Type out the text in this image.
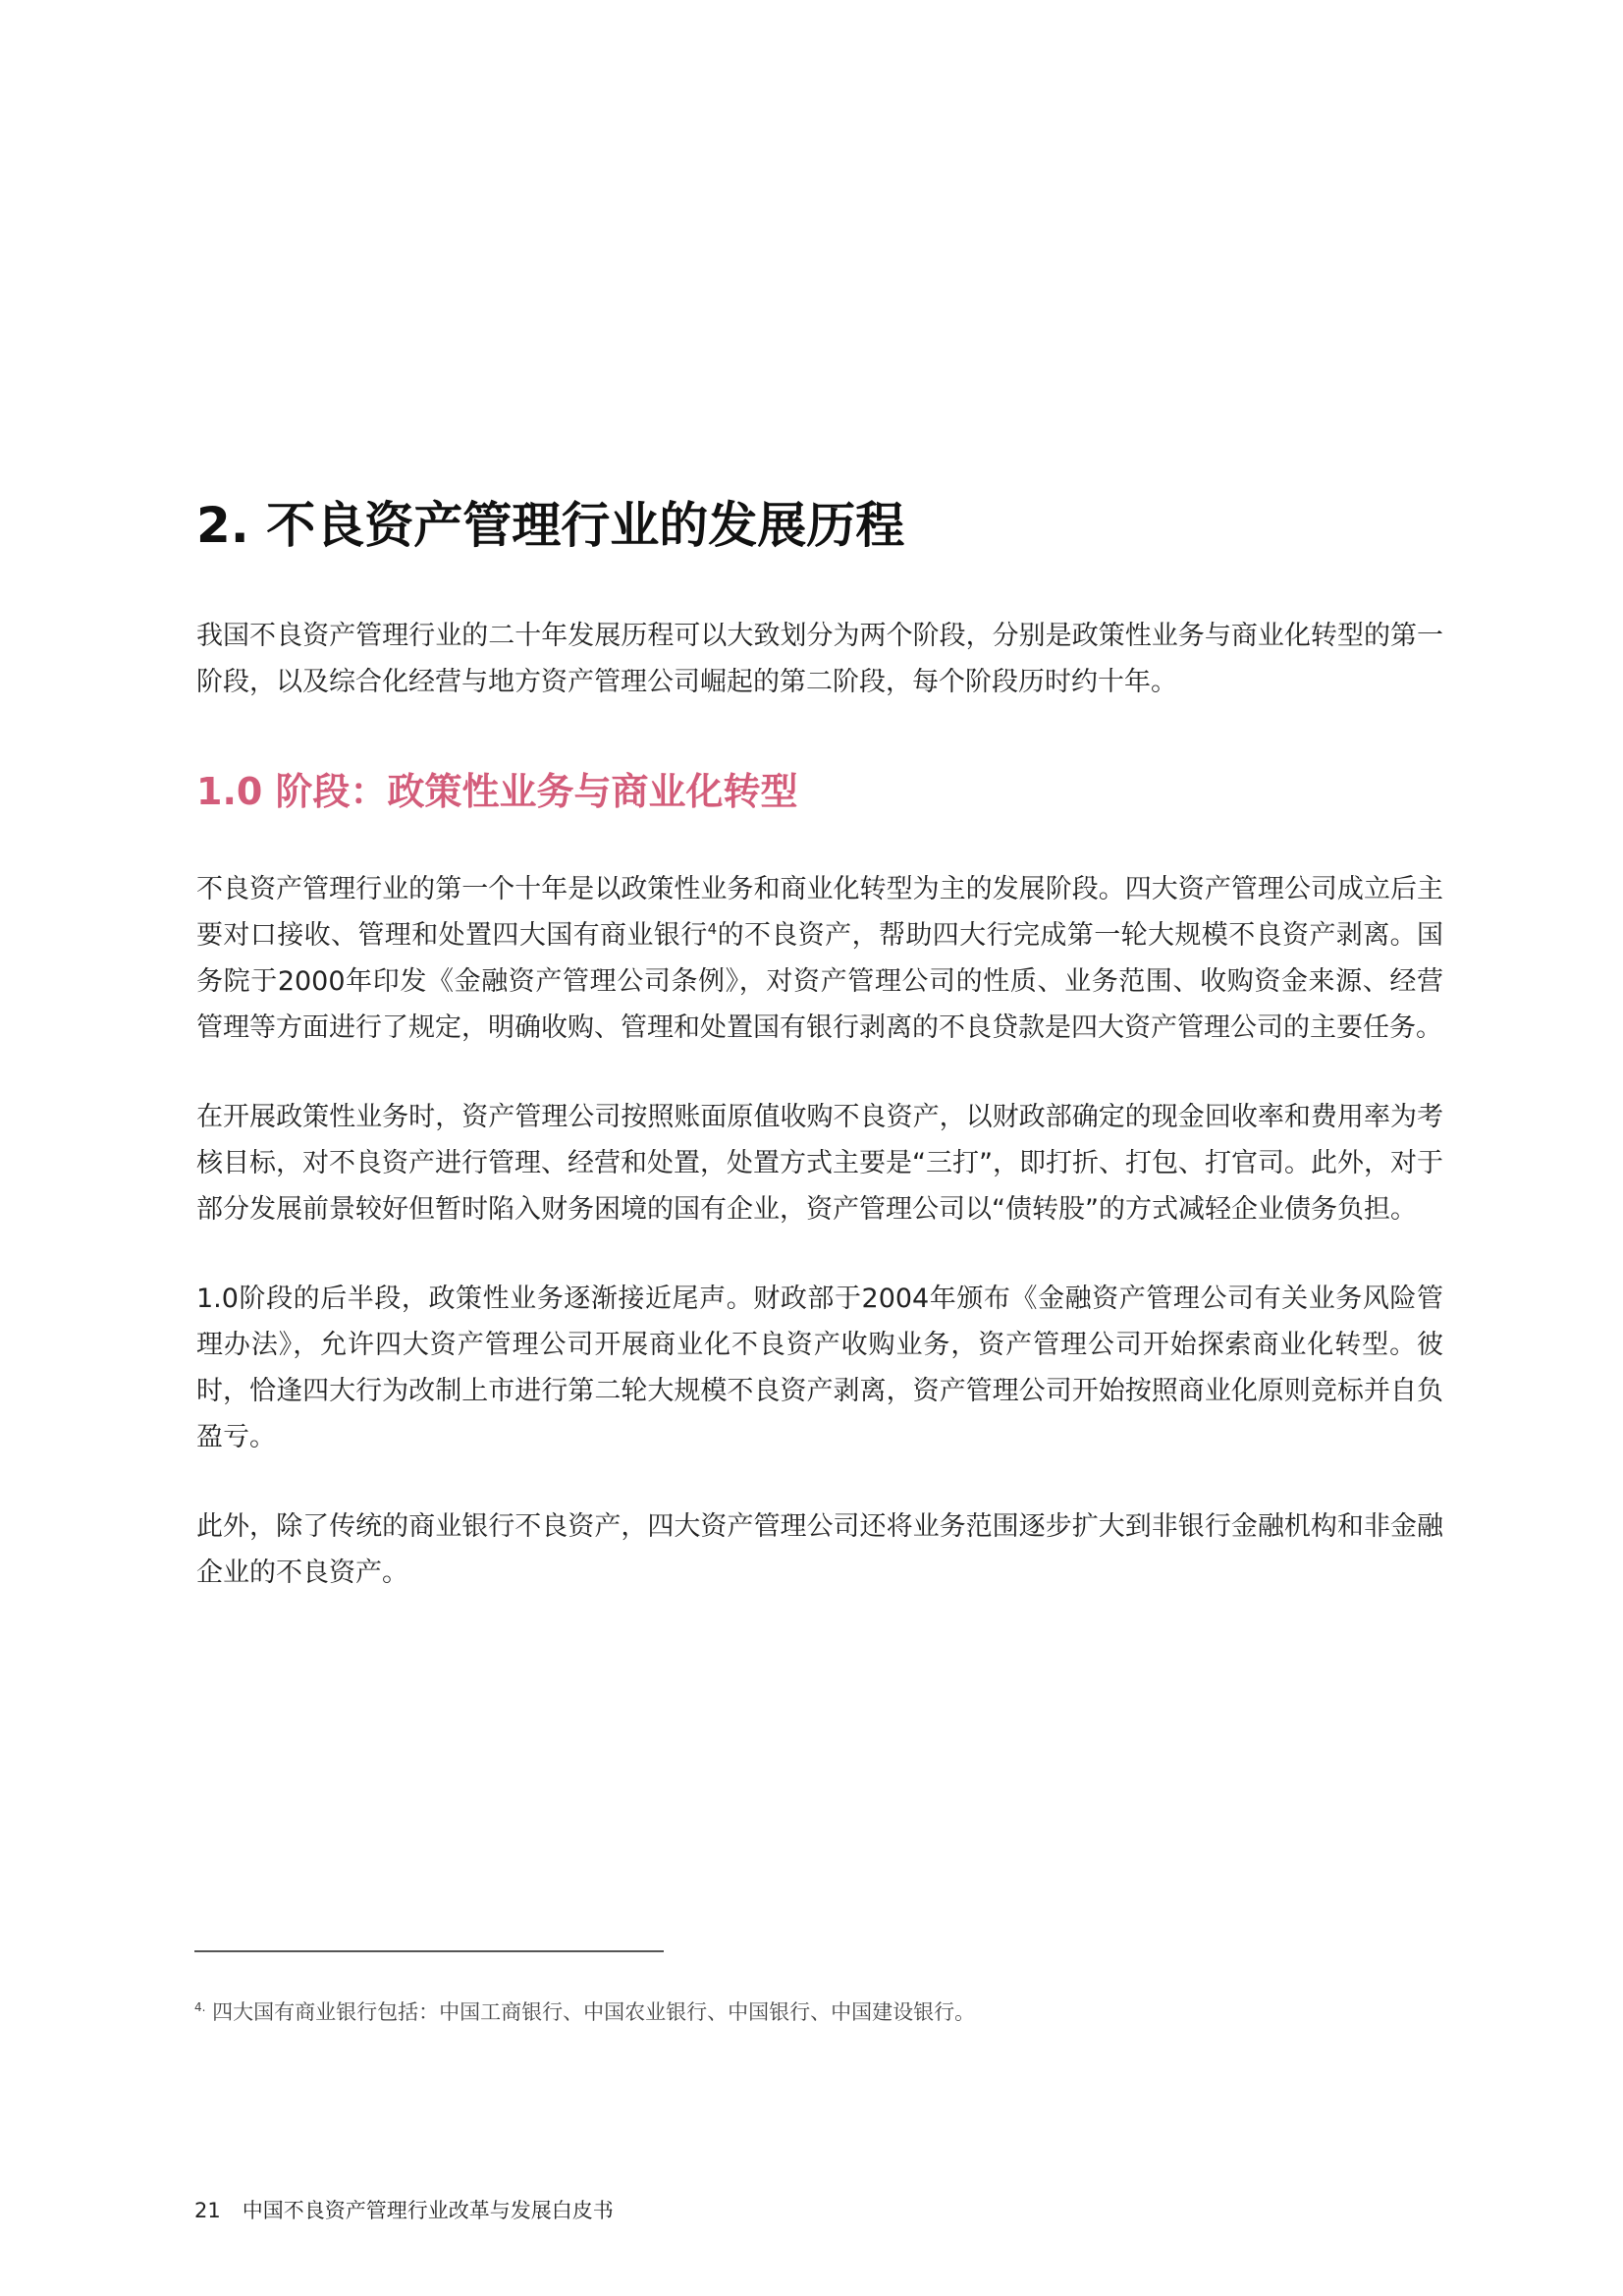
2. 不良资产管理行业的发展历程

我国不良资产管理行业的二十年发展历程可以大致划分为两个阶段，分别是政策性业务与商业化转型的第一阶段，以及综合化经营与地方资产管理公司崛起的第二阶段，每个阶段历时约十年。

1.0 阶段：政策性业务与商业化转型

不良资产管理行业的第一个十年是以政策性业务和商业化转型为主的发展阶段。四大资产管理公司成立后主要对口接收、管理和处置四大国有商业银行$^4$的不良资产，帮助四大行完成第一轮大规模不良资产剥离。国务院于2000年印发《金融资产管理公司条例》，对资产管理公司的性质、业务范围、收购资金来源、经营管理等方面进行了规定，明确收购、管理和处置国有银行剥离的不良贷款是四大资产管理公司的主要任务。

在开展政策性业务时，资产管理公司按照账面原值收购不良资产，以财政部确定的现金回收率和费用率为考核目标，对不良资产进行管理、经营和处置，处置方式主要是“三打”，即打折、打包、打官司。此外，对于部分发展前景较好但暂时陷入财务困境的国有企业，资产管理公司以“债转股”的方式减轻企业债务负担。

1.0阶段的后半段，政策性业务逐渐接近尾声。财政部于2004年颁布《金融资产管理公司有关业务风险管理办法》，允许四大资产管理公司开展商业化不良资产收购业务，资产管理公司开始探索商业化转型。彼时，恰逢四大行为改制上市进行第二轮大规模不良资产剥离，资产管理公司开始按照商业化原则竞标并自负盈亏。

此外，除了传统的商业银行不良资产，四大资产管理公司还将业务范围逐步扩大到非银行金融机构和非金融企业的不良资产。

$^{4.}$ 四大国有商业银行包括：中国工商银行、中国农业银行、中国银行、中国建设银行。
21 中国不良资产管理行业改革与发展白皮书
